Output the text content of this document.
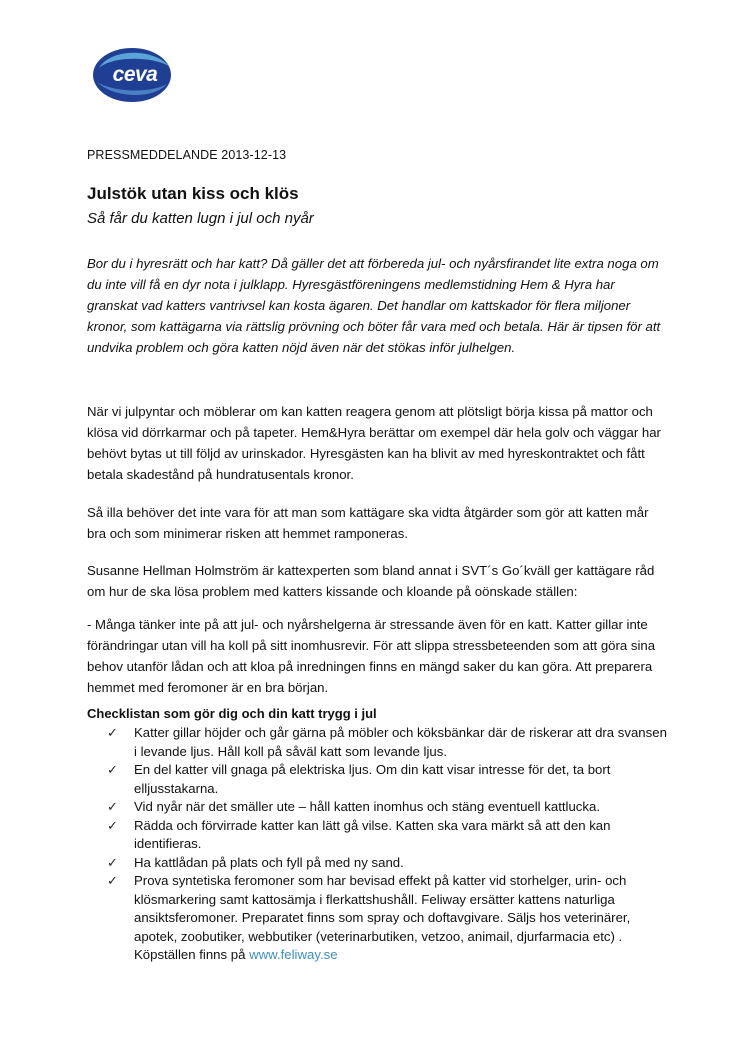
ceva
PRESSMEDDELANDE 2013-12-13
Julstök utan kiss och klös
Så får du katten lugn i jul och nyår
Bor du i hyresrätt och har katt? Då gäller det att förbereda jul- och nyårsfirandet lite extra noga om du inte vill få en dyr nota i julklapp. Hyresgästföreningens medlemstidning Hem & Hyra har granskat vad katters vantrivsel kan kosta ägaren. Det handlar om kattskador för flera miljoner kronor, som kattägarna via rättslig prövning och böter får vara med och betala. Här är tipsen för att undvika problem och göra katten nöjd även när det stökas inför julhelgen.
När vi julpyntar och möblerar om kan katten reagera genom att plötsligt börja kissa på mattor och klösa vid dörrkarmar och på tapeter. Hem&Hyra berättar om exempel där hela golv och väggar har behövt bytas ut till följd av urinskador. Hyresgästen kan ha blivit av med hyreskontraktet och fått betala skadestånd på hundratusentals kronor.
Så illa behöver det inte vara för att man som kattägare ska vidta åtgärder som gör att katten mår bra och som minimerar risken att hemmet ramponeras.
Susanne Hellman Holmström är kattexperten som bland annat i SVT´s Go´kväll ger kattägare råd om hur de ska lösa problem med katters kissande och kloande på oönskade ställen:
- Många tänker inte på att jul- och nyårshelgerna är stressande även för en katt. Katter gillar inte förändringar utan vill ha koll på sitt inomhusrevir. För att slippa stressbeteenden som att göra sina behov utanför lådan och att kloa på inredningen finns en mängd saker du kan göra. Att preparera hemmet med feromoner är en bra början.
Checklistan som gör dig och din katt trygg i jul
✓	Katter gillar höjder och går gärna på möbler och köksbänkar där de riskerar att dra svansen i levande ljus. Håll koll på såväl katt som levande ljus.
✓	En del katter vill gnaga på elektriska ljus. Om din katt visar intresse för det, ta bort elljusstakarna.
✓	Vid nyår när det smäller ute – håll katten inomhus och stäng eventuell kattlucka.
✓	Rädda och förvirrade katter kan lätt gå vilse. Katten ska vara märkt så att den kan identifieras.
✓	Ha kattlådan på plats och fyll på med ny sand.
✓	Prova syntetiska feromoner som har bevisad effekt på katter vid storhelger, urin- och klösmarkering samt kattosämja i flerkattshushåll. Feliway ersätter kattens naturliga ansiktsferomoner. Preparatet finns som spray och doftavgivare. Säljs hos veterinärer, apotek, zoobutiker, webbutiker (veterinarbutiken, vetzoo, animail, djurfarmacia etc) . Köpställen finns på www.feliway.se
